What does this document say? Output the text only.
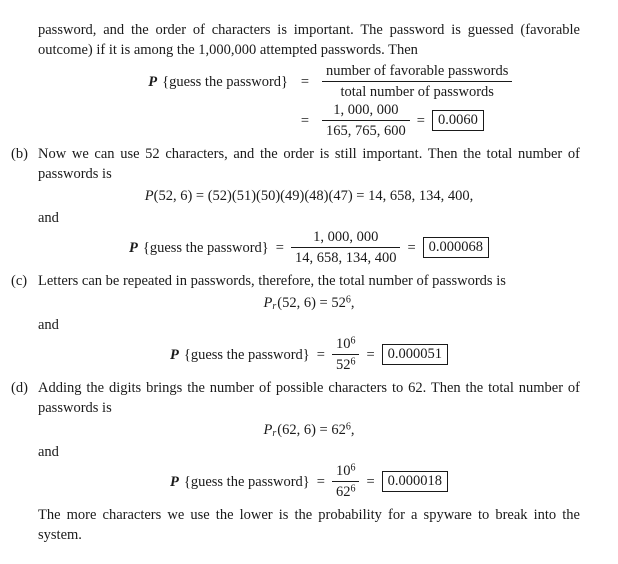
password, and the order of characters is important. The password is guessed (favorable outcome) if it is among the 1,000,000 attempted passwords. Then

P {guess the password} = $\frac{\text{number of favorable passwords}}{\text{total number of passwords}}$
= $\frac{1, 000, 000}{165, 765, 600} = 0.0060$
(b) Now we can use 52 characters, and the order is still important. Then the total number of passwords is
P(52, 6) = (52)(51)(50)(49)(48)(47) = 14, 658, 134, 400,
and
P {guess the password} = $\frac{1, 000, 000}{14, 658, 134, 400} = 0.000068$
(c) Letters can be repeated in passwords, therefore, the total number of passwords is
$P_r(52$, $6) = 52^6$,
and
P {guess the password} = $\frac{10^6}{52^6} = 0.000051$
(d) Adding the digits brings the number of possible characters to 62. Then the total number of passwords is
$P_r(62$, $6) = 62^6$,
and
P {guess the password} = $\frac{10^6}{62^6} = 0.000018$

The more characters we use the lower is the probability for a spyware to break into the system.
